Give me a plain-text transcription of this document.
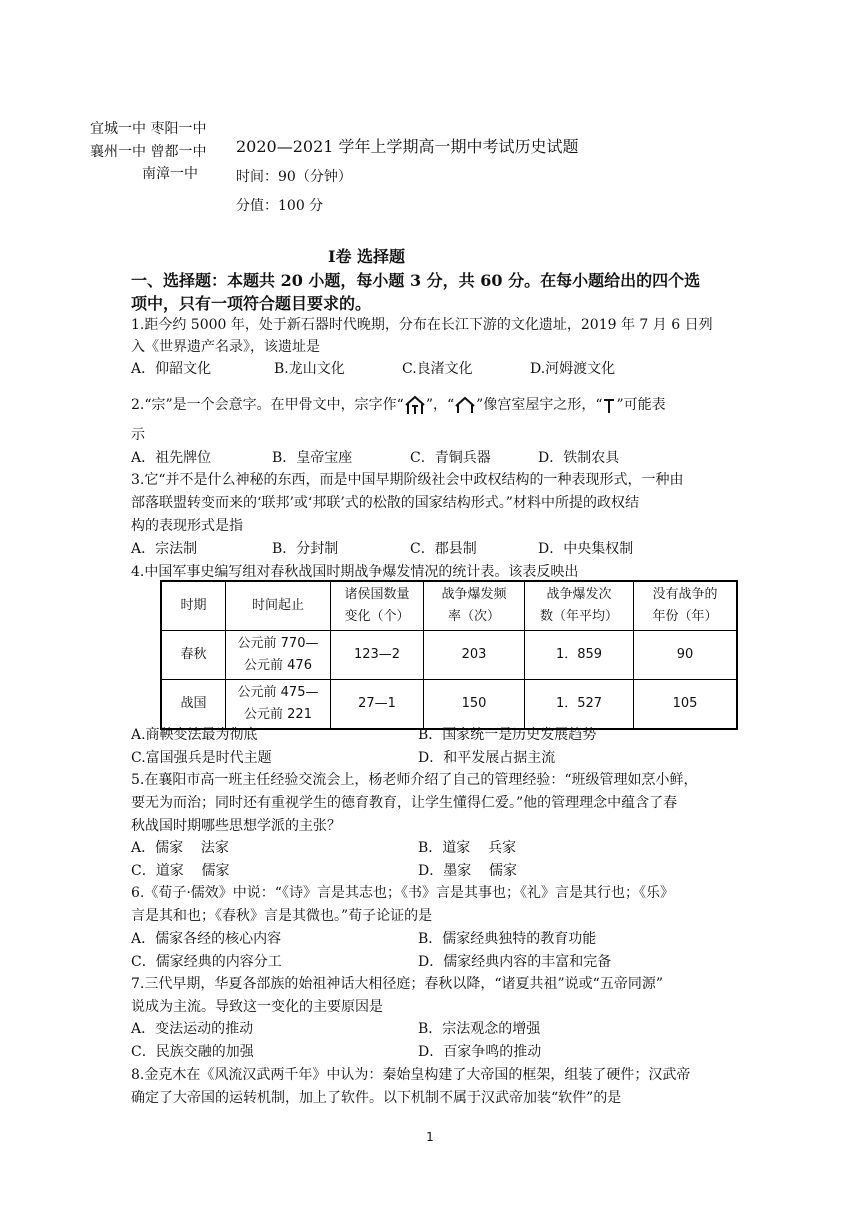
宜城一中 枣阳一中
襄州一中 曾都一中
南漳一中
2020—2021 学年上学期高一期中考试历史试题
时间：90（分钟）
分值：100 分
Ⅰ卷 选择题
一、选择题：本题共 20 小题，每小题 3 分，共 60 分。在每小题给出的四个选
项中，只有一项符合题目要求的。
1.距今约 5000 年，处于新石器时代晚期，分布在长江下游的文化遗址，2019 年 7 月 6 日列
入《世界遗产名录》，该遗址是
A．仰韶文化	B.龙山文化	C.良渚文化	D.河姆渡文化
2.“宗”是一个会意字。在甲骨文中，宗字作“ ”，“ ”像宫室屋宇之形，“ ”可能表
示
A．祖先牌位	B．皇帝宝座	C．青铜兵器	D．铁制农具
3.它“并不是什么神秘的东西，而是中国早期阶级社会中政权结构的一种表现形式，一种由
部落联盟转变而来的‘联邦’或‘邦联’式的松散的国家结构形式。”材料中所提的政权结
构的表现形式是指
A．宗法制	B．分封制	C．郡县制	D．中央集权制
4.中国军事史编写组对春秋战国时期战争爆发情况的统计表。该表反映出
时期	时间起止	诸侯国数量
变化（个）	战争爆发频
率（次）	战争爆发次
数（年平均）	没有战争的
年份（年）
春秋	公元前 770—
公元前 476	123—2	203	1．859	90
战国	公元前 475—
公元前 221	27—1	150	1．527	105
A.商鞅变法最为彻底	B．国家统一是历史发展趋势
C.富国强兵是时代主题	D．和平发展占据主流
5.在襄阳市高一班主任经验交流会上，杨老师介绍了自己的管理经验：“班级管理如烹小鲜，
要无为而治；同时还有重视学生的德育教育，让学生懂得仁爱。”他的管理理念中蕴含了春
秋战国时期哪些思想学派的主张？
A．儒家    法家	B．道家    兵家
C．道家    儒家	D．墨家    儒家
6.《荀子·儒效》中说：“《诗》言是其志也；《书》言是其事也；《礼》言是其行也；《乐》
言是其和也；《春秋》言是其微也。”荀子论证的是
A．儒家各经的核心内容	B．儒家经典独特的教育功能
C．儒家经典的内容分工	D．儒家经典内容的丰富和完备
7.三代早期，华夏各部族的始祖神话大相径庭；春秋以降，“诸夏共祖”说或“五帝同源”
说成为主流。导致这一变化的主要原因是
A．变法运动的推动	B．宗法观念的增强
C．民族交融的加强	D．百家争鸣的推动
8.金克木在《风流汉武两千年》中认为：秦始皇构建了大帝国的框架，组装了硬件；汉武帝
确定了大帝国的运转机制，加上了软件。以下机制不属于汉武帝加装“软件”的是
1
